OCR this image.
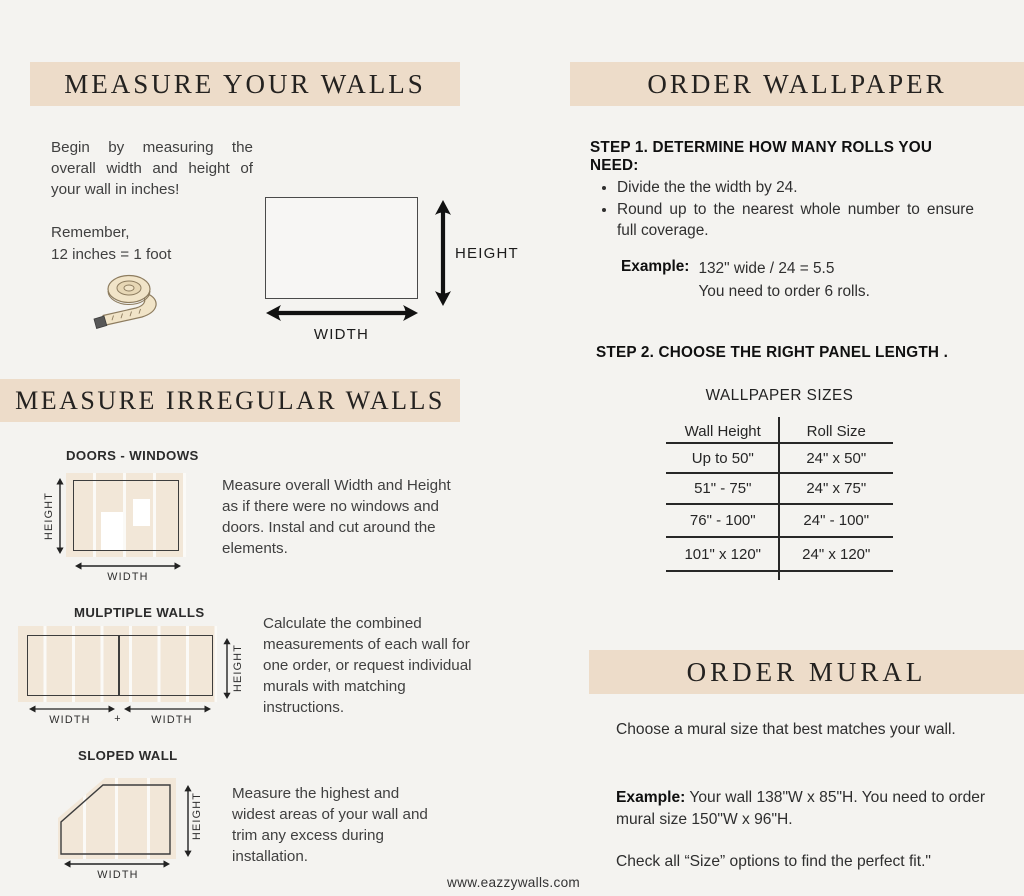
MEASURE YOUR WALLS
Begin by measuring the overall width and height of your wall in inches!
Remember,
12 inches = 1 foot	HEIGHT
WIDTH
MEASURE IRREGULAR WALLS
DOORS - WINDOWS
HEIGHT
WIDTH
Measure overall Width and Height as if there were no windows and doors. Instal and cut around the elements.
MULPTIPLE WALLS
HEIGHT
WIDTH	+	WIDTH
Calculate the combined measurements of each wall for one order, or request individual murals with matching instructions.
SLOPED WALL
HEIGHT
WIDTH
Measure the highest and widest areas of your wall and trim any excess during installation.
ORDER WALLPAPER
STEP 1. DETERMINE HOW MANY ROLLS YOU NEED:
• Divide the the width by 24.
• Round up to the nearest whole number to ensure full coverage.
Example: 132" wide / 24 = 5.5
You need to order 6 rolls.
STEP 2. CHOOSE THE RIGHT PANEL LENGTH .
WALLPAPER SIZES
Wall Height	Roll Size
Up to 50"	24" x 50"
51" - 75"	24" x 75"
76" - 100"	24" - 100"
101" x 120"	24" x 120"
ORDER MURAL
Choose a mural size that best matches your wall.

Example: Your wall 138"W x 85"H. You need to order mural size 150"W x 96"H.

Check all “Size” options to find the perfect fit."
www.eazzywalls.com
